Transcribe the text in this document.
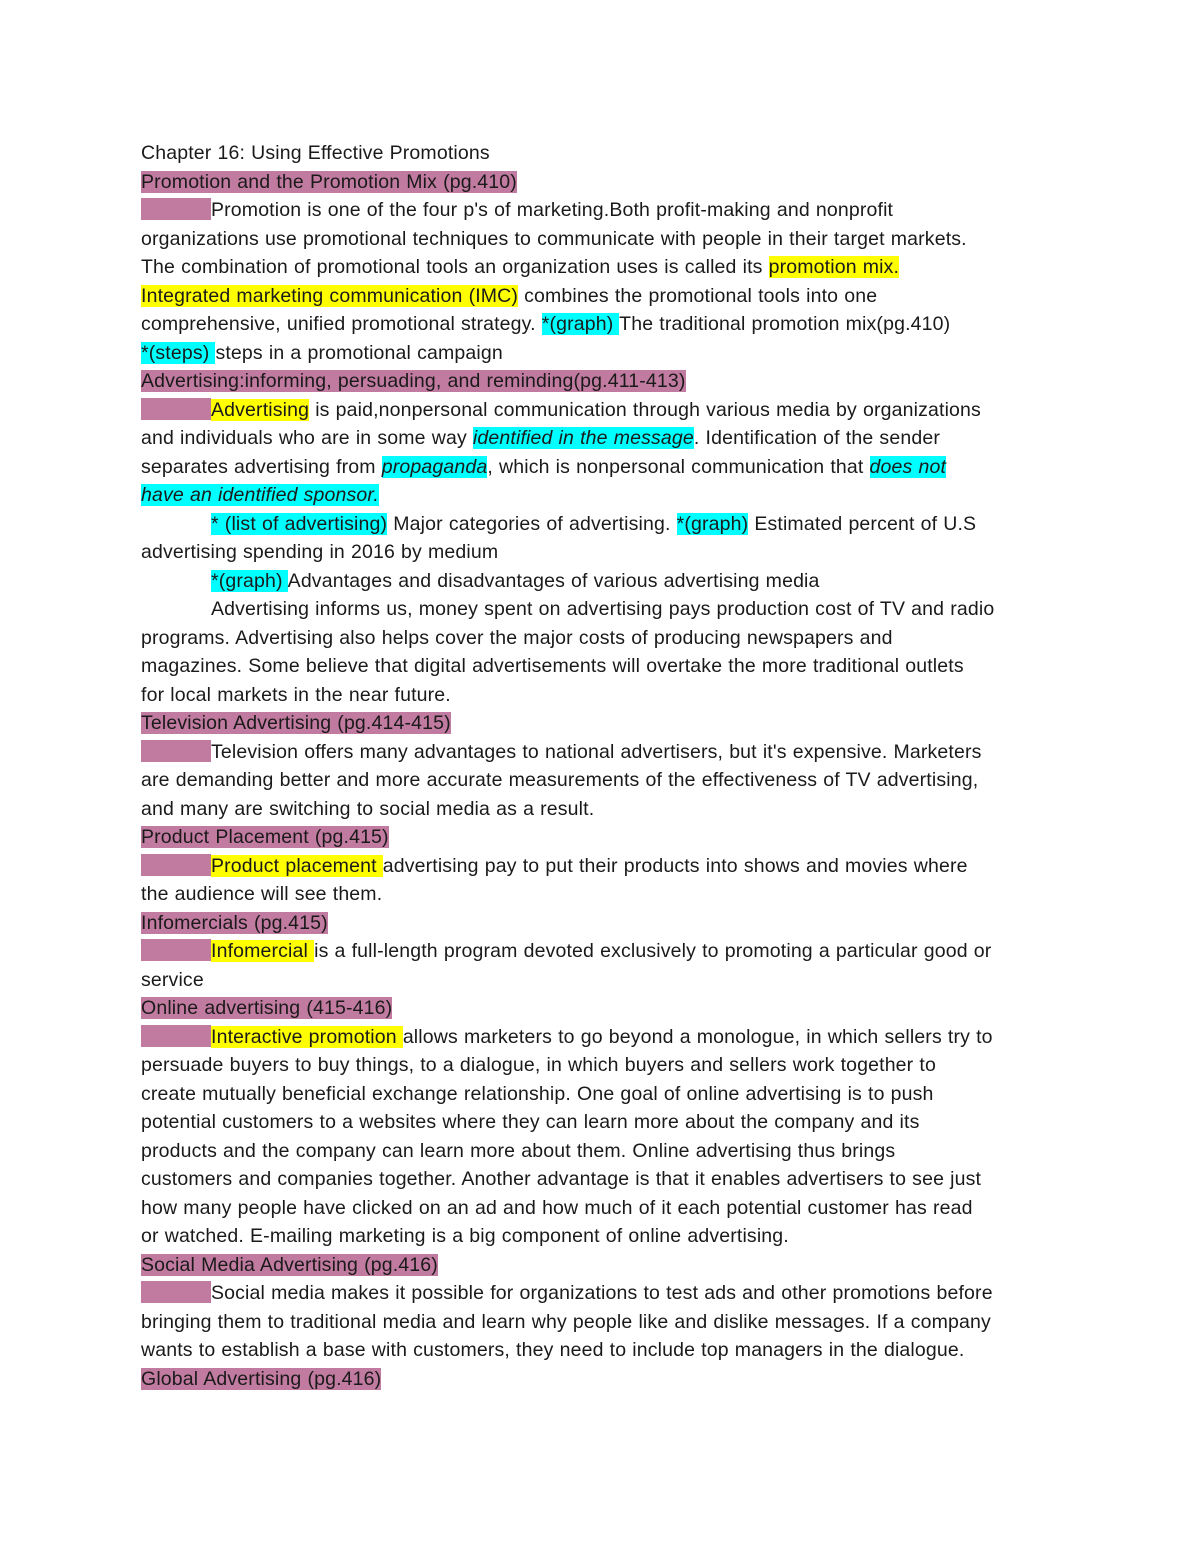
Chapter 16: Using Effective Promotions
Promotion and the Promotion Mix (pg.410)
Promotion is one of the four p's of marketing.Both profit-making and nonprofit
organizations use promotional techniques to communicate with people in their target markets.
The combination of promotional tools an organization uses is called its promotion mix.
Integrated marketing communication (IMC) combines the promotional tools into one
comprehensive, unified promotional strategy. *(graph) The traditional promotion mix(pg.410)
*(steps) steps in a promotional campaign
Advertising:informing, persuading, and reminding(pg.411-413)
Advertising is paid,nonpersonal communication through various media by organizations
and individuals who are in some way identified in the message. Identification of the sender
separates advertising from propaganda, which is nonpersonal communication that does not
have an identified sponsor.
* (list of advertising) Major categories of advertising. *(graph) Estimated percent of U.S
advertising spending in 2016 by medium
*(graph) Advantages and disadvantages of various advertising media
Advertising informs us, money spent on advertising pays production cost of TV and radio
programs. Advertising also helps cover the major costs of producing newspapers and
magazines. Some believe that digital advertisements will overtake the more traditional outlets
for local markets in the near future.
Television Advertising (pg.414-415)
Television offers many advantages to national advertisers, but it's expensive. Marketers
are demanding better and more accurate measurements of the effectiveness of TV advertising,
and many are switching to social media as a result.
Product Placement (pg.415)
Product placement advertising pay to put their products into shows and movies where
the audience will see them.
Infomercials (pg.415)
Infomercial is a full-length program devoted exclusively to promoting a particular good or
service
Online advertising (415-416)
Interactive promotion allows marketers to go beyond a monologue, in which sellers try to
persuade buyers to buy things, to a dialogue, in which buyers and sellers work together to
create mutually beneficial exchange relationship. One goal of online advertising is to push
potential customers to a websites where they can learn more about the company and its
products and the company can learn more about them. Online advertising thus brings
customers and companies together. Another advantage is that it enables advertisers to see just
how many people have clicked on an ad and how much of it each potential customer has read
or watched. E-mailing marketing is a big component of online advertising.
Social Media Advertising (pg.416)
Social media makes it possible for organizations to test ads and other promotions before
bringing them to traditional media and learn why people like and dislike messages. If a company
wants to establish a base with customers, they need to include top managers in the dialogue.
Global Advertising (pg.416)
